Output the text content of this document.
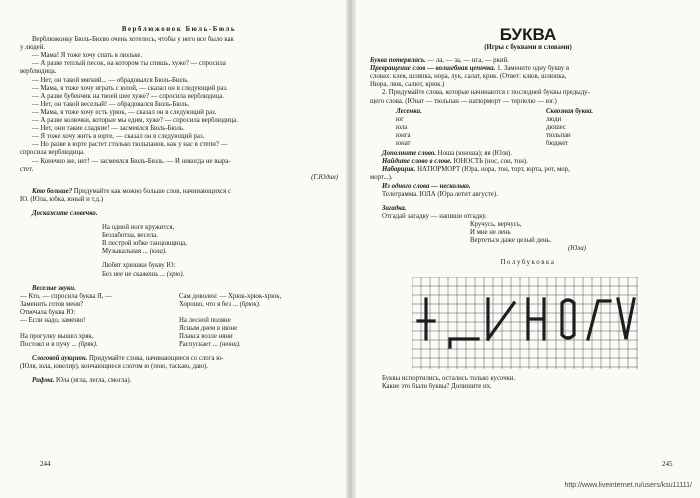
Верблюжонок Бюль-Бюль
Верблюжонку Бюль-Бюлю очень хотелось, чтобы у него все было как
у людей.
— Мама! Я тоже хочу спать в люльке.
— А разве теплый песок, на котором ты спишь, хуже? — спросила
верблюдица.
— Нет, он такой мягкий... — обрадовался Бюль-Бюль.
— Мама, я тоже хочу играть с юлой, — сказал он в следующий раз.
— А разве бубенчик на твоей шее хуже? — спросила верблюдица.
— Нет, он такой веселый! — обрадовался Бюль-Бюль.
— Мама, я тоже хочу есть урюк, — сказал он в следующий раз.
— А разве колючки, которые мы едим, хуже? — спросила верблюдица.
— Нет, они такие сладкие! — засмеялся Бюль-Бюль.
— Я тоже хочу жить в юрте, — сказал он в следующий раз.
— Но разве в юрте растет столько тюльпанов, как у нас в степи? —
спросила верблюдица.
— Конечно же, нет! — засмеялся Бюль-Бюль. — И никогда не выра-
стет.
(Г.Юдин)
Кто больше? Придумайте как можно больше слов, начинающихся с
Ю. (Юла, юбка, юный и т.д.)
Доскажите словечко.
На одной ноге кружится,
Беззаботна, весела.
В пестрой юбке танцовщица,
Музыкальная ... (юла).
Любят хрюшки букву Ю:
Без нее не скажешь ... (хрю).
Веселые звуки.
— Кто, — спросила буква Я, —
Заменить готов меня?
Отвечала буква Ю:
— Если надо, заменю!
На прогулку вышел хряк,
Постоял и в пучу ... (бряк).
Сам доволен: — Хрюк-хрюк-хрюк,
Хорошо, что я без ... (брюк).
На лесной поляне
Ясным днем в июне
Плакса возле няни
Распускает ... (нюни).
Слоговой аукцион. Придумайте слова, начинающиеся со слога ю-
(Юля, юла, ювелир), кончающиеся слогом ю (пою, таскаю, даю).
Рифма. Юла (игла, легла, смогла).
244
БУКВА
(Игры с буквами и словами)
Буква потерялась. — ла, — за, — ига, — ркий.
Превращение слов — волшебная цепочка. 1. Замените одну букву в
словах: клея, шляпка, нора, лук, салат, крик. (Ответ: клюв, шлюпка,
Нюра, люк, салют, крюк.)
2. Придумайте слова, которые начинаются с последней буквы предыду-
щего слова. (Юнат — тюльпан — натюрморт — терпелю — юг.)
Лесенка.
юг
юла
юнга
юнат
Сквозная буква.
люди
дюшес
тюльпан
бюджет
Дополните слово. Ноша (юноша); яя (Юля).
Найдите слово в слове. ЮНОСТЬ (нос, сон, тон).
Наборщик. НАТЮРМОРТ (Юра, нора, тон, торт, юрта, рот, мор,
морт...).
Из одного слова — несколько.
Телеграмма. ЮЛА (Юра летит августе).
Загадка.
Отгадай загадку — напиши отгадку.
Кручусь, верчусь,
И мне не лень
Вертеться даже целый день.
(Юла)
Полубуковка
Буквы испортились, остались только кусочки.
Какие это были буквы? Допишите их.
245
http://www.liveinternet.ru/users/ksu11111/
